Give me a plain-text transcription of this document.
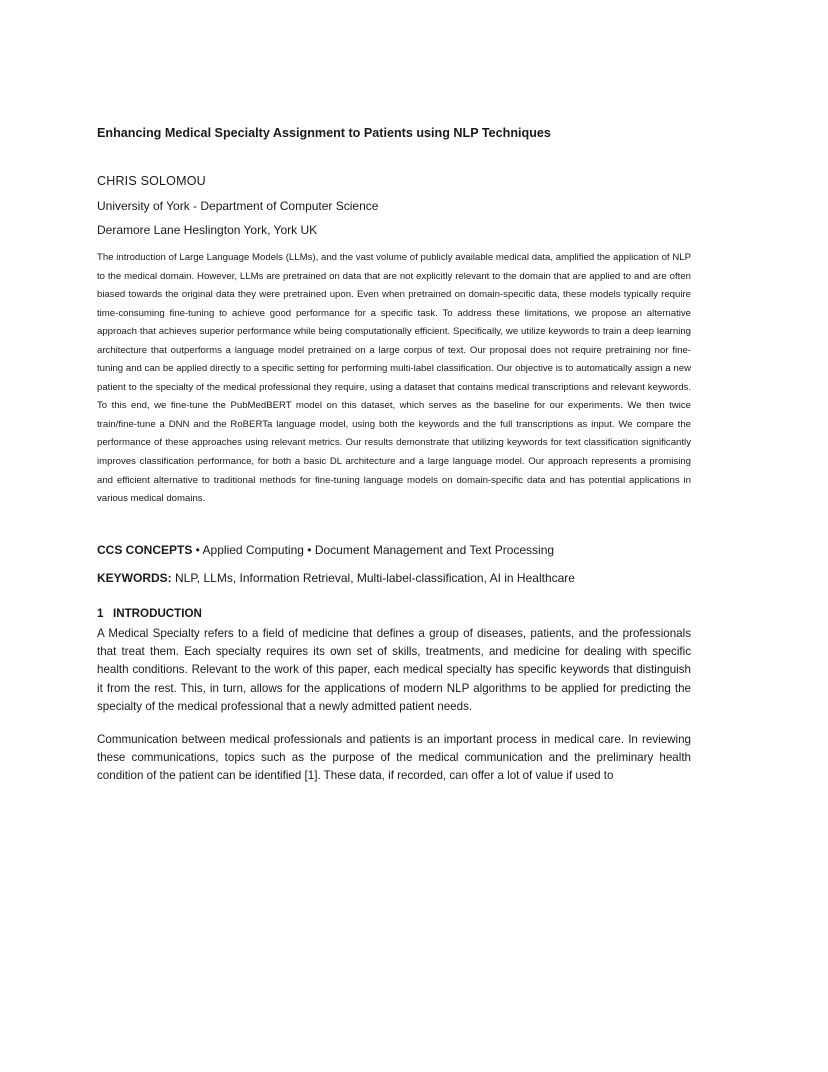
Enhancing Medical Specialty Assignment to Patients using NLP Techniques
CHRIS SOLOMOU
University of York - Department of Computer Science
Deramore Lane Heslington York, York UK

The introduction of Large Language Models (LLMs), and the vast volume of publicly available medical data, amplified the application of NLP to the medical domain. However, LLMs are pretrained on data that are not explicitly relevant to the domain that are applied to and are often biased towards the original data they were pretrained upon. Even when pretrained on domain-specific data, these models typically require time-consuming fine-tuning to achieve good performance for a specific task. To address these limitations, we propose an alternative approach that achieves superior performance while being computationally efficient. Specifically, we utilize keywords to train a deep learning architecture that outperforms a language model pretrained on a large corpus of text. Our proposal does not require pretraining nor fine-tuning and can be applied directly to a specific setting for performing multi-label classification. Our objective is to automatically assign a new patient to the specialty of the medical professional they require, using a dataset that contains medical transcriptions and relevant keywords. To this end, we fine-tune the PubMedBERT model on this dataset, which serves as the baseline for our experiments. We then twice train/fine-tune a DNN and the RoBERTa language model, using both the keywords and the full transcriptions as input. We compare the performance of these approaches using relevant metrics. Our results demonstrate that utilizing keywords for text classification significantly improves classification performance, for both a basic DL architecture and a large language model. Our approach represents a promising and efficient alternative to traditional methods for fine-tuning language models on domain-specific data and has potential applications in various medical domains.

CCS CONCEPTS • Applied Computing • Document Management and Text Processing
KEYWORDS: NLP, LLMs, Information Retrieval, Multi-label-classification, AI in Healthcare
1 INTRODUCTION

A Medical Specialty refers to a field of medicine that defines a group of diseases, patients, and the professionals that treat them. Each specialty requires its own set of skills, treatments, and medicine for dealing with specific health conditions. Relevant to the work of this paper, each medical specialty has specific keywords that distinguish it from the rest. This, in turn, allows for the applications of modern NLP algorithms to be applied for predicting the specialty of the medical professional that a newly admitted patient needs.

Communication between medical professionals and patients is an important process in medical care. In reviewing these communications, topics such as the purpose of the medical communication and the preliminary health condition of the patient can be identified [1]. These data, if recorded, can offer a lot of value if used to
